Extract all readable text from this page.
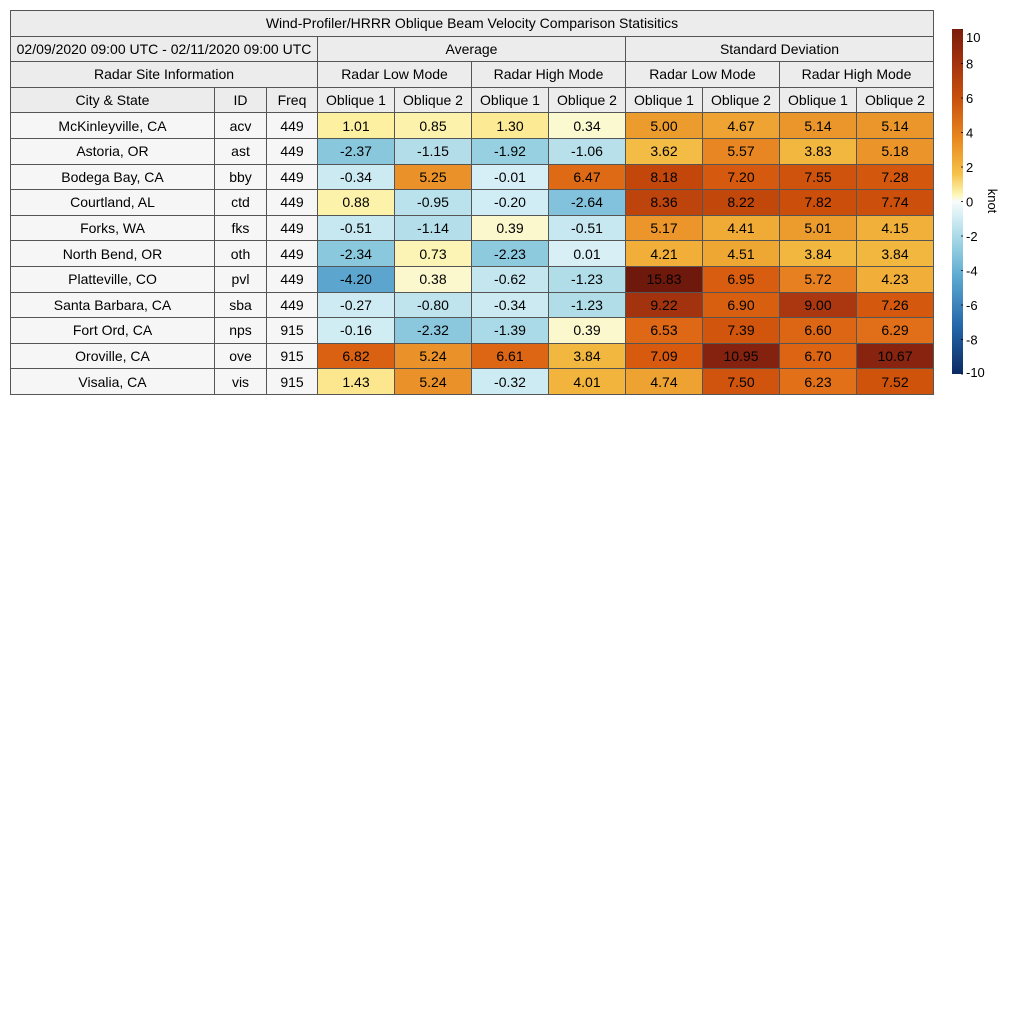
Wind-Profiler/HRRR Oblique Beam Velocity Comparison Statisitics										
02/09/2020 09:00 UTC - 02/11/2020 09:00 UTC			Average				Standard Deviation			
Radar Site Information			Radar Low Mode		Radar High Mode		Radar Low Mode		Radar High Mode	
City & State	ID	Freq	Oblique 1	Oblique 2	Oblique 1	Oblique 2	Oblique 1	Oblique 2	Oblique 1	Oblique 2
McKinleyville, CA	acv	449	1.01	0.85	1.30	0.34	5.00	4.67	5.14	5.14
Astoria, OR	ast	449	-2.37	-1.15	-1.92	-1.06	3.62	5.57	3.83	5.18
Bodega Bay, CA	bby	449	-0.34	5.25	-0.01	6.47	8.18	7.20	7.55	7.28
Courtland, AL	ctd	449	0.88	-0.95	-0.20	-2.64	8.36	8.22	7.82	7.74
Forks, WA	fks	449	-0.51	-1.14	0.39	-0.51	5.17	4.41	5.01	4.15
North Bend, OR	oth	449	-2.34	0.73	-2.23	0.01	4.21	4.51	3.84	3.84
Platteville, CO	pvl	449	-4.20	0.38	-0.62	-1.23	15.83	6.95	5.72	4.23
Santa Barbara, CA	sba	449	-0.27	-0.80	-0.34	-1.23	9.22	6.90	9.00	7.26
Fort Ord, CA	nps	915	-0.16	-2.32	-1.39	0.39	6.53	7.39	6.60	6.29
Oroville, CA	ove	915	6.82	5.24	6.61	3.84	7.09	10.95	6.70	10.67
Visalia, CA	vis	915	1.43	5.24	-0.32	4.01	4.74	7.50	6.23	7.52
10
8
6
4
2
0
-2
-4
-6
-8
-10
knot
